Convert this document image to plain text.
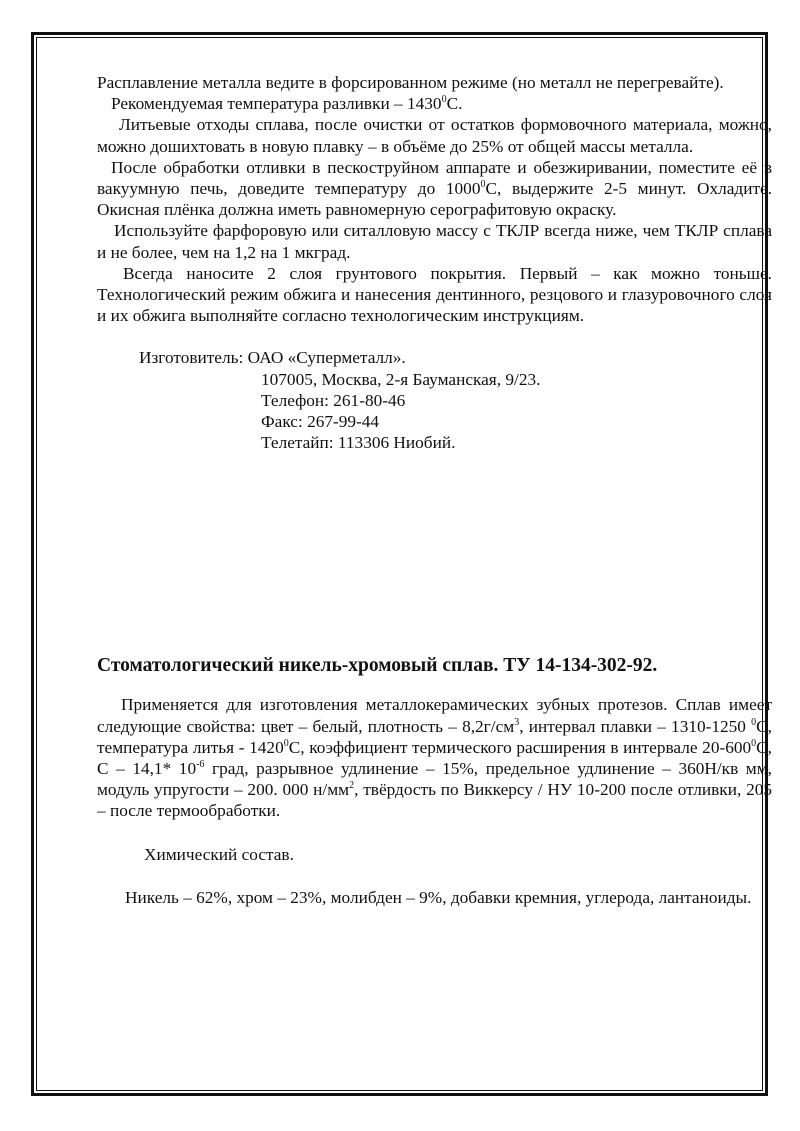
Расплавление металла ведите в форсированном режиме (но металл не перегревайте).

Рекомендуемая температура разливки – 1430$^0$С.

Литьевые отходы сплава, после очистки от остатков формовочного материала, можно, можно дошихтовать в новую плавку – в объёме до 25% от общей массы металла.

После обработки отливки в пескоструйном аппарате и обезжиривании, поместите её в вакуумную печь, доведите температуру до 1000$^0$С, выдержите 2-5 минут. Охладите. Окисная плёнка должна иметь равномерную серографитовую окраску.

Используйте фарфоровую или ситалловую массу с ТКЛР всегда ниже, чем ТКЛР сплава и не более, чем на 1,2 на 1 мкград.

Всегда наносите 2 слоя грунтового покрытия. Первый – как можно тоньше. Технологический режим обжига и нанесения дентинного, резцового и глазуровочного слоя и их обжига выполняйте согласно технологическим инструкциям.

Изготовитель: ОАО «Суперметалл».

107005, Москва, 2-я Бауманская, 9/23.

Телефон: 261-80-46

Факс: 267-99-44

Телетайп: 113306 Ниобий.

Стоматологический никель-хромовый сплав. ТУ 14-134-302-92.

Применяется для изготовления металлокерамических зубных протезов. Сплав имеет следующие свойства: цвет – белый, плотность – $8,2г/см^3$, интервал плавки – 1310-1250 $^0$С, температура литья - 1420$^0$С, коэффициент термического расширения в интервале $20-600^0С$, С – 14,1* $10^{-6}$ град, разрывное удлинение – 15%, предельное удлинение – 360Н/кв мм, модуль упругости – 200. 000 $н/мм^2$, твёрдость по Виккерсу / НУ 10-200 после отливки, 205 – после термообработки.

Химический состав.

Никель – 62%, хром – 23%, молибден – 9%, добавки кремния, углерода, лантаноиды.
